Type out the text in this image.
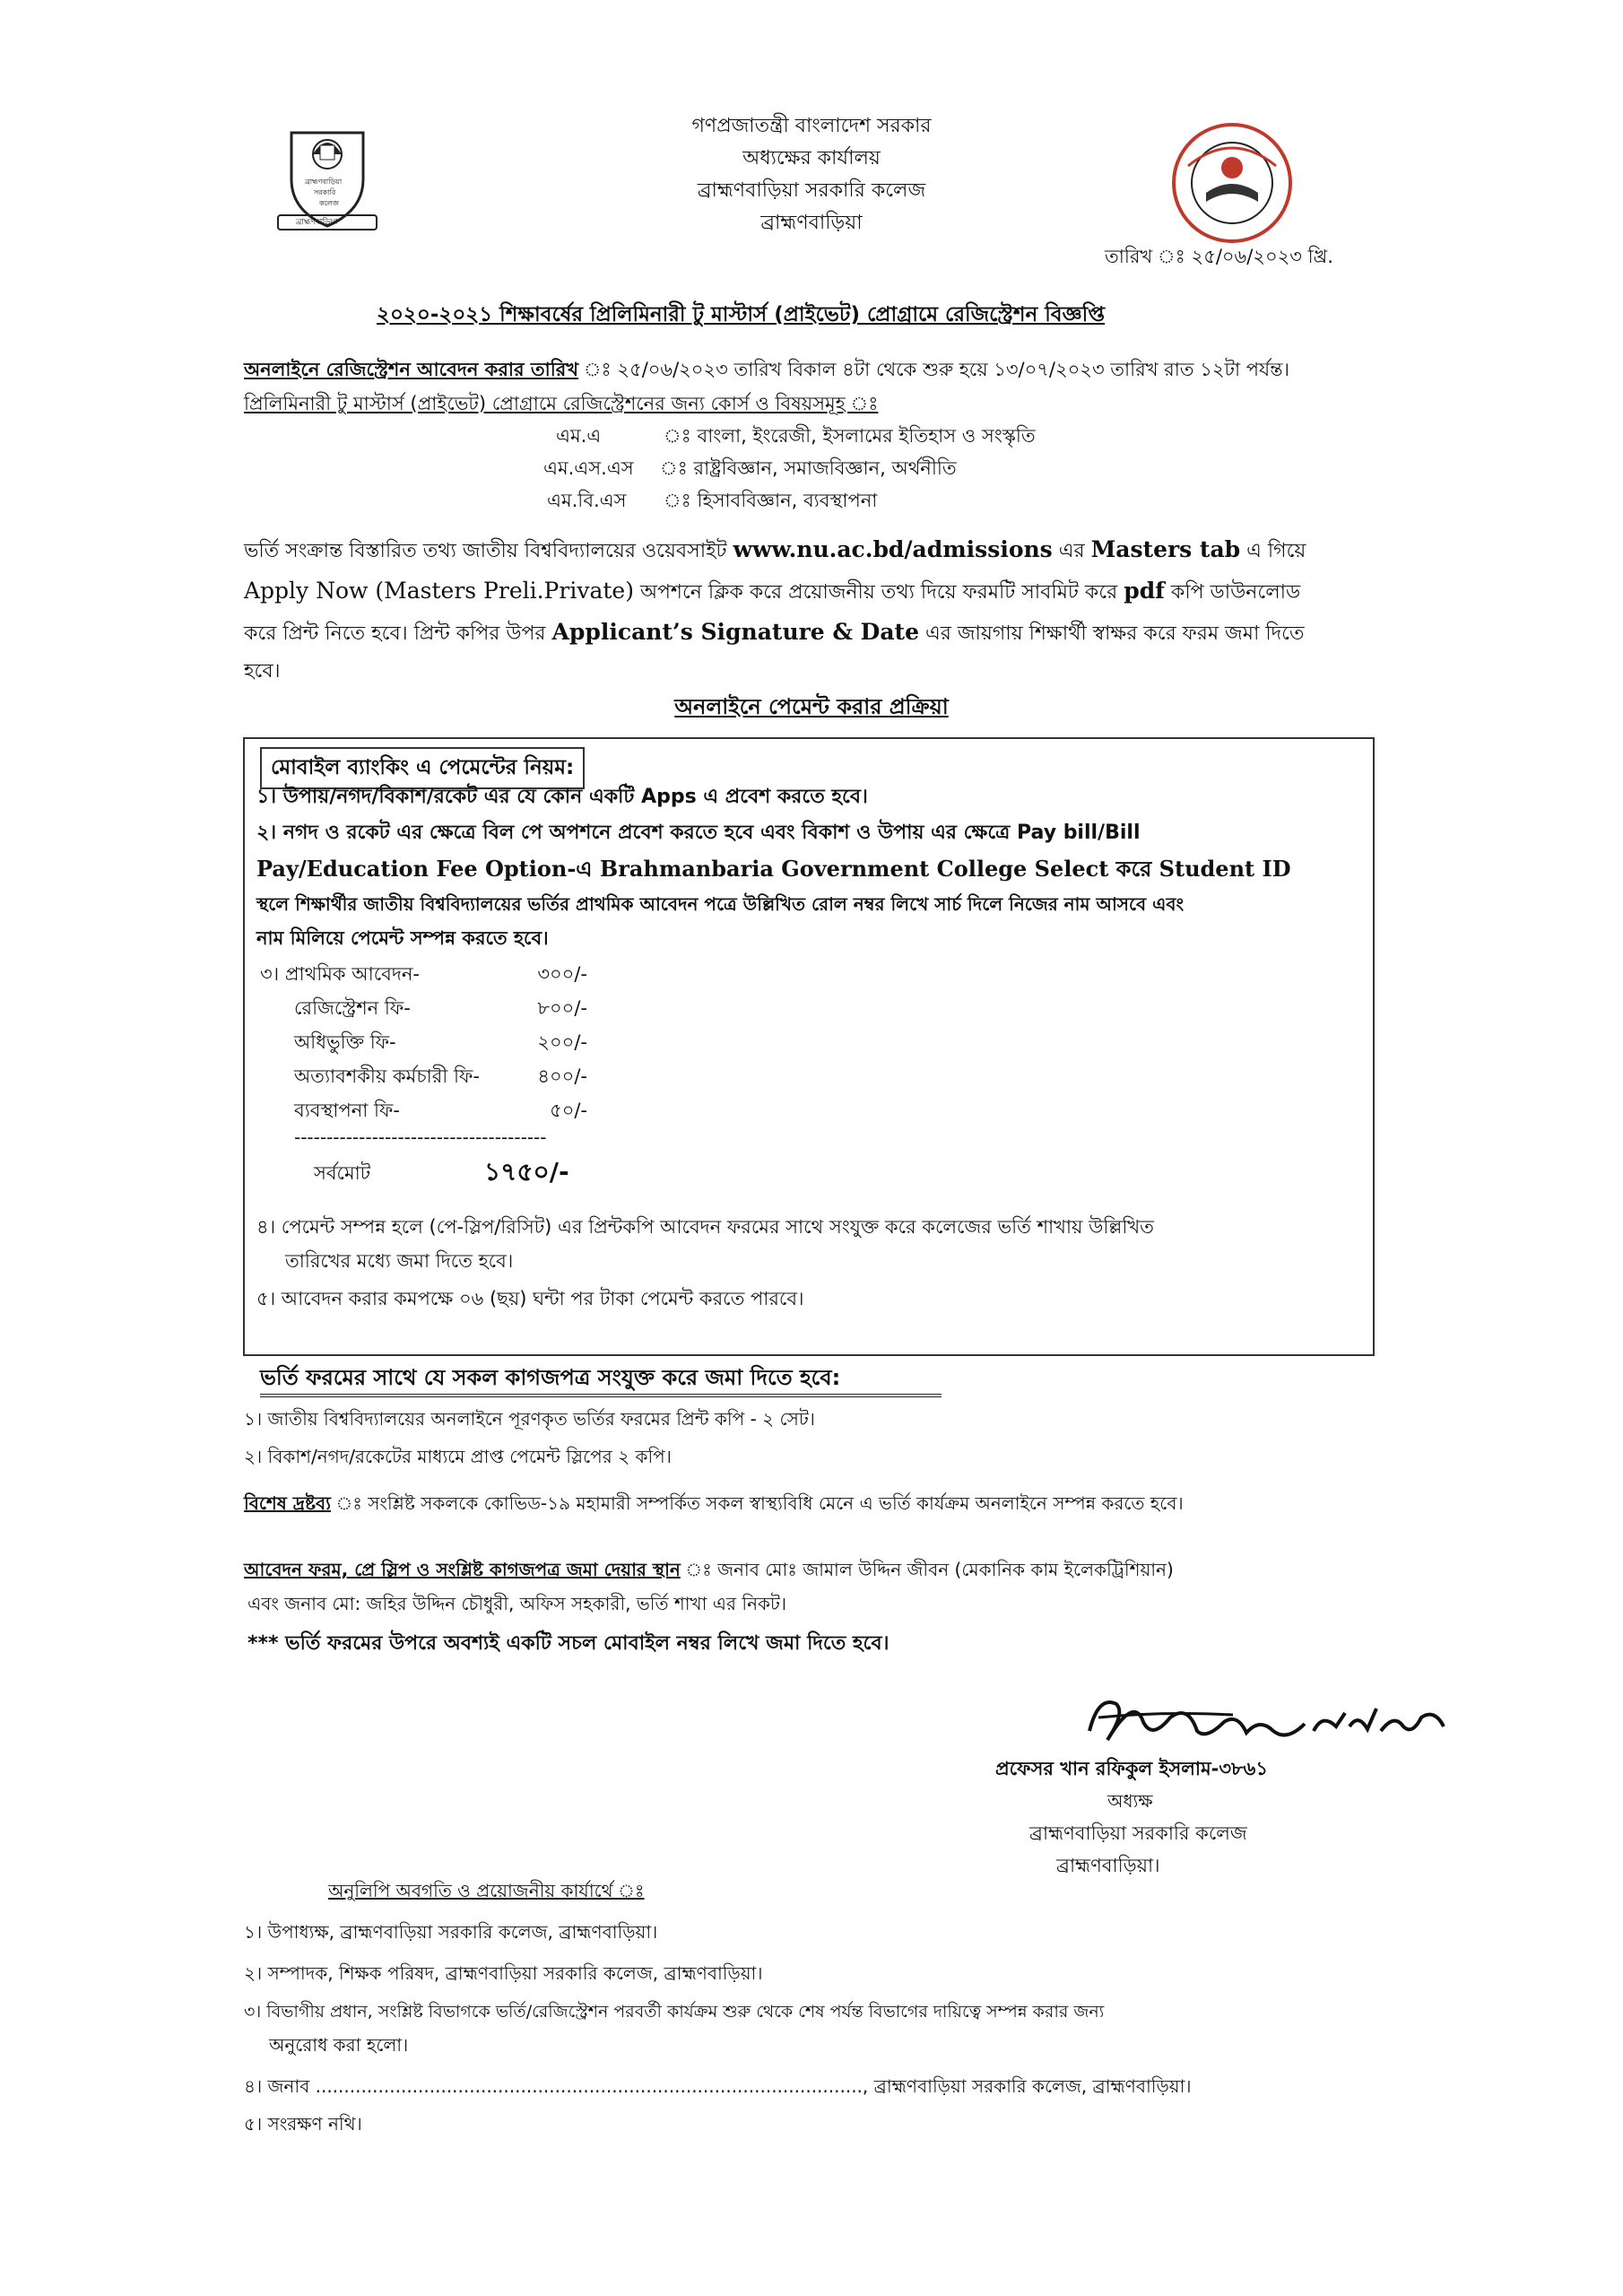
ব্রাহ্মণবাড়িয়া
সরকারি
কলেজ
ব্রাহ্মণবাড়িয়া
গণপ্রজাতন্ত্রী বাংলাদেশ সরকার
অধ্যক্ষের কার্যালয়
ব্রাহ্মণবাড়িয়া সরকারি কলেজ
ব্রাহ্মণবাড়িয়া
তারিখ ঃ ২৫/০৬/২০২৩ খ্রি.
২০২০-২০২১ শিক্ষাবর্ষের প্রিলিমিনারী টু মাস্টার্স (প্রাইভেট) প্রোগ্রামে রেজিস্ট্রেশন বিজ্ঞপ্তি
অনলাইনে রেজিস্ট্রেশন আবেদন করার তারিখ ঃ ২৫/০৬/২০২৩ তারিখ বিকাল ৪টা থেকে শুরু হয়ে ১৩/০৭/২০২৩ তারিখ রাত ১২টা পর্যন্ত।
প্রিলিমিনারী টু মাস্টার্স (প্রাইভেট) প্রোগ্রামে রেজিস্ট্রেশনের জন্য কোর্স ও বিষয়সমূহ ঃ
এম.এ	ঃ বাংলা, ইংরেজী, ইসলামের ইতিহাস ও সংস্কৃতি
এম.এস.এস ঃ রাষ্ট্রবিজ্ঞান, সমাজবিজ্ঞান, অর্থনীতি
এম.বি.এস ঃ হিসাববিজ্ঞান, ব্যবস্থাপনা
ভর্তি সংক্রান্ত বিস্তারিত তথ্য জাতীয় বিশ্ববিদ্যালয়ের ওয়েবসাইট www.nu.ac.bd/admissions এর Masters tab এ গিয়ে
Apply Now (Masters Preli.Private) অপশনে ক্লিক করে প্রয়োজনীয় তথ্য দিয়ে ফরমটি সাবমিট করে pdf কপি ডাউনলোড
করে প্রিন্ট নিতে হবে। প্রিন্ট কপির উপর Applicant’s Signature & Date এর জায়গায় শিক্ষার্থী স্বাক্ষর করে ফরম জমা দিতে
হবে।
অনলাইনে পেমেন্ট করার প্রক্রিয়া
মোবাইল ব্যাংকিং এ পেমেন্টের নিয়ম:
১। উপায়/নগদ/বিকাশ/রকেট এর যে কোন একটি Apps এ প্রবেশ করতে হবে।
২। নগদ ও রকেট এর ক্ষেত্রে বিল পে অপশনে প্রবেশ করতে হবে এবং বিকাশ ও উপায় এর ক্ষেত্রে Pay bill/Bill
Pay/Education Fee Option-এ Brahmanbaria Government College Select করে Student ID
স্থলে শিক্ষার্থীর জাতীয় বিশ্ববিদ্যালয়ের ভর্তির প্রাথমিক আবেদন পত্রে উল্লিখিত রোল নম্বর লিখে সার্চ দিলে নিজের নাম আসবে এবং
নাম মিলিয়ে পেমেন্ট সম্পন্ন করতে হবে।
৩। প্রাথমিক আবেদন-	৩০০/-
রেজিস্ট্রেশন ফি-	৮০০/-
অধিভুক্তি ফি-	২০০/-
অত্যাবশকীয় কর্মচারী ফি-	৪০০/-
ব্যবস্থাপনা ফি-	৫০/-
---------------------------------------
সর্বমোট	১৭৫০/-
৪। পেমেন্ট সম্পন্ন হলে (পে-স্লিপ/রিসিট) এর প্রিন্টকপি আবেদন ফরমের সাথে সংযুক্ত করে কলেজের ভর্তি শাখায় উল্লিখিত
তারিখের মধ্যে জমা দিতে হবে।
৫। আবেদন করার কমপক্ষে ০৬ (ছয়) ঘন্টা পর টাকা পেমেন্ট করতে পারবে।
ভর্তি ফরমের সাথে যে সকল কাগজপত্র সংযুক্ত করে জমা দিতে হবে:
১। জাতীয় বিশ্ববিদ্যালয়ের অনলাইনে পূরণকৃত ভর্তির ফরমের প্রিন্ট কপি - ২ সেট।
২। বিকাশ/নগদ/রকেটের মাধ্যমে প্রাপ্ত পেমেন্ট স্লিপের ২ কপি।
বিশেষ দ্রষ্টব্য ঃ সংশ্লিষ্ট সকলকে কোভিড-১৯ মহামারী সম্পর্কিত সকল স্বাস্থ্যবিধি মেনে এ ভর্তি কার্যক্রম অনলাইনে সম্পন্ন করতে হবে।
আবেদন ফরম, প্রে স্লিপ ও সংশ্লিষ্ট কাগজপত্র জমা দেয়ার স্থান ঃ জনাব মোঃ জামাল উদ্দিন জীবন (মেকানিক কাম ইলেকট্রিশিয়ান)
এবং জনাব মো: জহির উদ্দিন চৌধুরী, অফিস সহকারী, ভর্তি শাখা এর নিকট।
*** ভর্তি ফরমের উপরে অবশ্যই একটি সচল মোবাইল নম্বর লিখে জমা দিতে হবে।
প্রফেসর খান রফিকুল ইসলাম-৩৮৬১
অধ্যক্ষ
ব্রাহ্মণবাড়িয়া সরকারি কলেজ
ব্রাহ্মণবাড়িয়া।
অনুলিপি অবগতি ও প্রয়োজনীয় কার্যার্থে ঃ
১। উপাধ্যক্ষ, ব্রাহ্মণবাড়িয়া সরকারি কলেজ, ব্রাহ্মণবাড়িয়া।
২। সম্পাদক, শিক্ষক পরিষদ, ব্রাহ্মণবাড়িয়া সরকারি কলেজ, ব্রাহ্মণবাড়িয়া।
৩। বিভাগীয় প্রধান, সংশ্লিষ্ট বিভাগকে ভর্তি/রেজিস্ট্রেশন পরবর্তী কার্যক্রম শুরু থেকে শেষ পর্যন্ত বিভাগের দায়িত্বে সম্পন্ন করার জন্য
অনুরোধ করা হলো।
৪। জনাব ................................................................................................, ব্রাহ্মণবাড়িয়া সরকারি কলেজ, ব্রাহ্মণবাড়িয়া।
৫। সংরক্ষণ নথি।
